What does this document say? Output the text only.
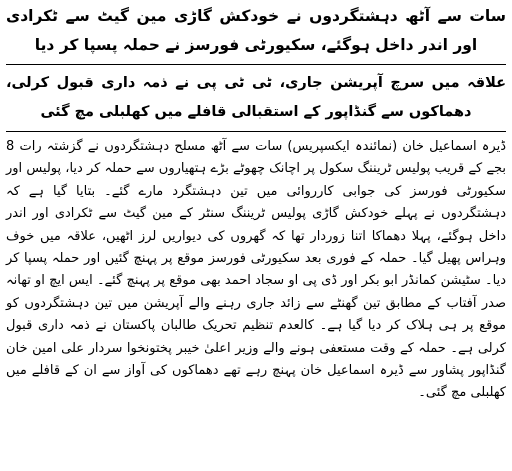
سات سے آٹھ دہشتگردوں نے خودکش گاڑی مین گیٹ سے ٹکرادی اور اندر داخل ہوگئے، سکیورٹی فورسز نے حملہ پسپا کر دیا

علاقہ میں سرچ آپریشن جاری، ٹی ٹی پی نے ذمہ داری قبول کرلی، دھماکوں سے گنڈاپور کے استقبالی قافلے میں کھلبلی مچ گئی

ڈیرہ اسماعیل خان (نمائندہ ایکسپریس) سات سے آٹھ مسلح دہشتگردوں نے گزشتہ رات 8 بجے کے قریب پولیس ٹریننگ سکول پر اچانک چھوٹے بڑے ہتھیاروں سے حملہ کر دیا، پولیس اور سکیورٹی فورسز کی جوابی کارروائی میں تین دہشتگرد مارے گئے۔ بتایا گیا ہے کہ دہشتگردوں نے پہلے خودکش گاڑی پولیس ٹریننگ سنٹر کے مین گیٹ سے ٹکرادی اور اندر داخل ہوگئے، پہلا دھماکا اتنا زوردار تھا کہ گھروں کی دیواریں لرز اٹھیں، علاقہ میں خوف وہراس پھیل گیا۔ حملہ کے فوری بعد سکیورٹی فورسز موقع پر پہنچ گئیں اور حملہ پسپا کر دیا۔ سٹیشن کمانڈر ابو بکر اور ڈی پی او سجاد احمد بھی موقع پر پہنچ گئے۔ ایس ایچ او تھانہ صدر آفتاب کے مطابق تین گھنٹے سے زائد جاری رہنے والے آپریشن میں تین دہشتگردوں کو موقع پر ہی ہلاک کر دیا گیا ہے۔ کالعدم تنظیم تحریک طالبان پاکستان نے ذمہ داری قبول کرلی ہے۔ حملہ کے وقت مستعفی ہونے والے وزیر اعلیٰ خیبر پختونخوا سردار علی امین خان گنڈاپور پشاور سے ڈیرہ اسماعیل خان پہنچ رہے تھے دھماکوں کی آواز سے ان کے قافلے میں کھلبلی مچ گئی۔
